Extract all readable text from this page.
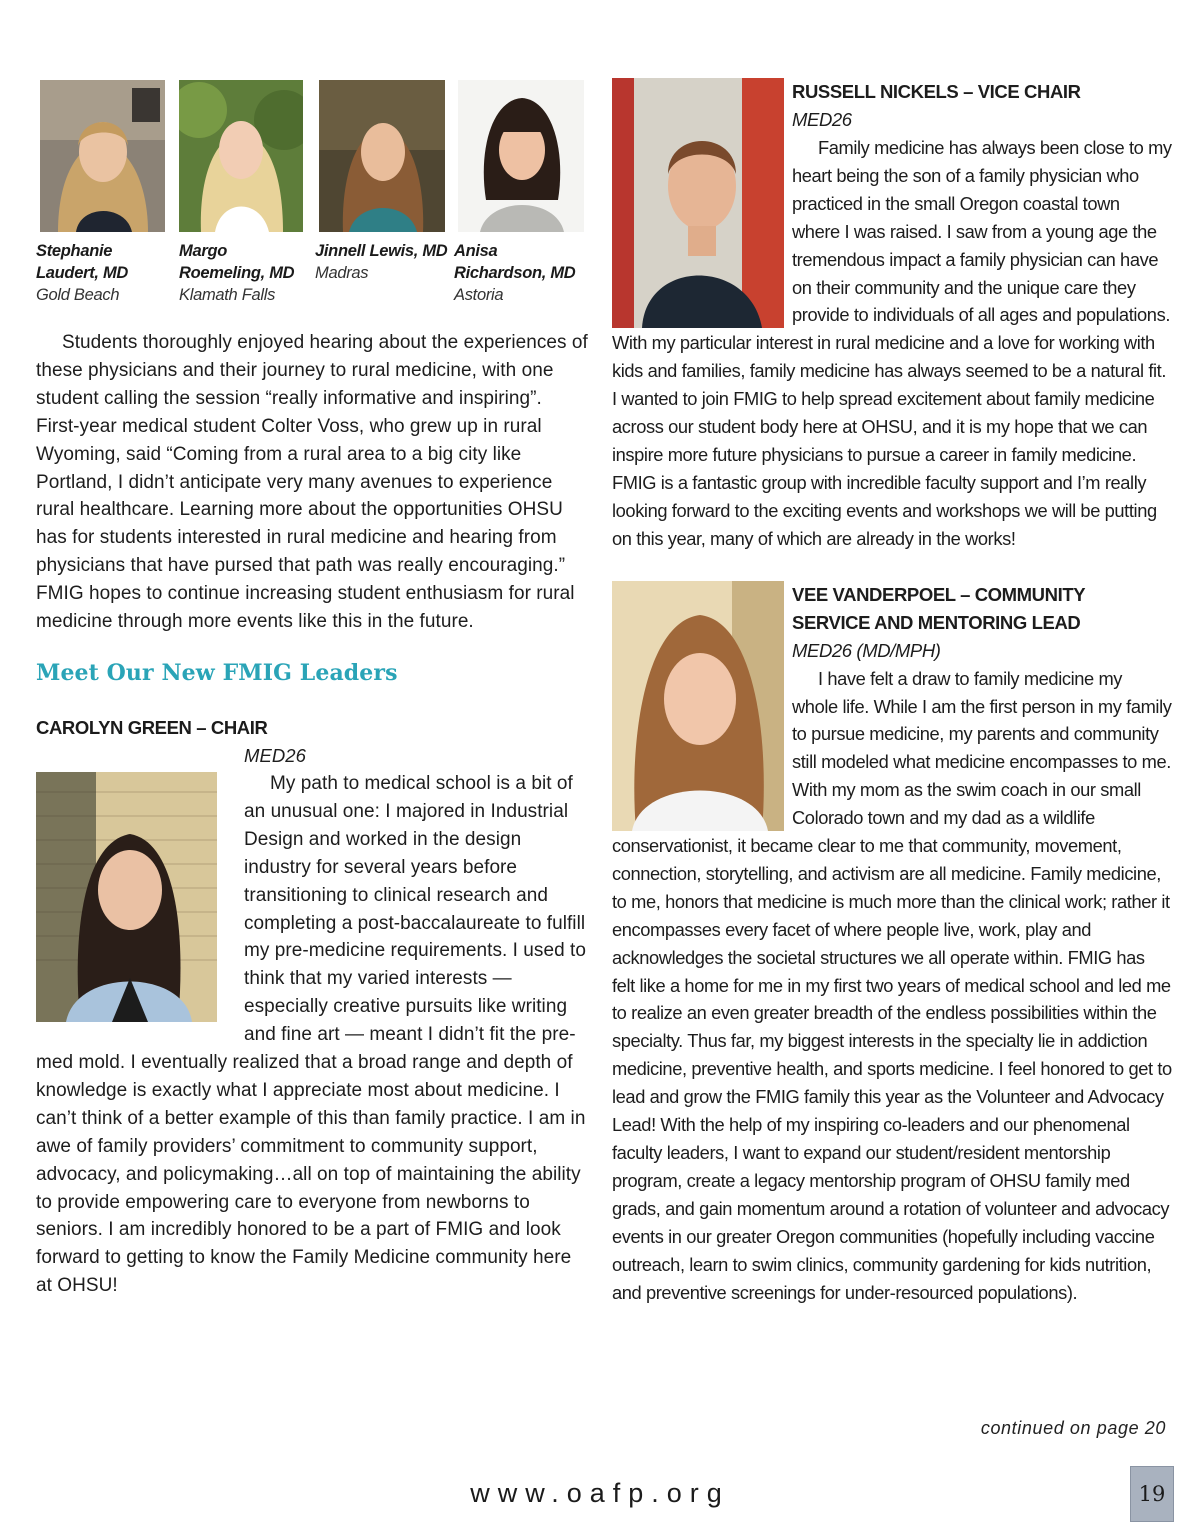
Stephanie
Laudert, MD
Gold Beach
Margo
Roemeling, MD
Klamath Falls
Jinnell Lewis, MD
Madras
Anisa
Richardson, MD
Astoria

Students thoroughly enjoyed hearing about the experiences of these physicians and their journey to rural medicine, with one student calling the session “really informative and inspiring”. First-year medical student Colter Voss, who grew up in rural Wyoming, said “Coming from a rural area to a big city like Portland, I didn’t anticipate very many avenues to experience rural healthcare. Learning more about the opportunities OHSU has for students interested in rural medicine and hearing from physicians that have pursed that path was really encouraging.” FMIG hopes to continue increasing student enthusiasm for rural medicine through more events like this in the future.

Meet Our New FMIG Leaders
CAROLYN GREEN – CHAIR
MED26

My path to medical school is a bit of an unusual one: I majored in Industrial Design and worked in the design industry for several years before transitioning to clinical research and completing a post-baccalaureate to fulfill my pre-medicine requirements. I used to think that my varied interests — especially creative pursuits like writing and fine art — meant I didn’t fit the pre-med mold. I eventually realized that a broad range and depth of knowledge is exactly what I appreciate most about medicine. I can’t think of a better example of this than family practice. I am in awe of family providers’ commitment to community support, advocacy, and policymaking…all on top of maintaining the ability to provide empowering care to everyone from newborns to seniors. I am incredibly honored to be a part of FMIG and look forward to getting to know the Family Medicine community here at OHSU!

RUSSELL NICKELS – VICE CHAIR
MED26

Family medicine has always been close to my heart being the son of a family physician who practiced in the small Oregon coastal town where I was raised. I saw from a young age the tremendous impact a family physician can have on their community and the unique care they provide to individuals of all ages and populations. With my particular interest in rural medicine and a love for working with kids and families, family medicine has always seemed to be a natural fit. I wanted to join FMIG to help spread excitement about family medicine across our student body here at OHSU, and it is my hope that we can inspire more future physicians to pursue a career in family medicine. FMIG is a fantastic group with incredible faculty support and I’m really looking forward to the exciting events and workshops we will be putting on this year, many of which are already in the works!

VEE VANDERPOEL – COMMUNITY
SERVICE AND MENTORING LEAD
MED26 (MD/MPH)

I have felt a draw to family medicine my whole life. While I am the first person in my family to pursue medicine, my parents and community still modeled what medicine encompasses to me. With my mom as the swim coach in our small Colorado town and my dad as a wildlife conservationist, it became clear to me that community, movement, connection, storytelling, and activism are all medicine. Family medicine, to me, honors that medicine is much more than the clinical work; rather it encompasses every facet of where people live, work, play and acknowledges the societal structures we all operate within. FMIG has felt like a home for me in my first two years of medical school and led me to realize an even greater breadth of the endless possibilities within the specialty. Thus far, my biggest interests in the specialty lie in addiction medicine, preventive health, and sports medicine. I feel honored to get to lead and grow the FMIG family this year as the Volunteer and Advocacy Lead! With the help of my inspiring co-leaders and our phenomenal faculty leaders, I want to expand our student/resident mentorship program, create a legacy mentorship program of OHSU family med grads, and gain momentum around a rotation of volunteer and advocacy events in our greater Oregon communities (hopefully including vaccine outreach, learn to swim clinics, community gardening for kids nutrition, and preventive screenings for under-resourced populations).

continued on page 20
www.oafp.org	19
